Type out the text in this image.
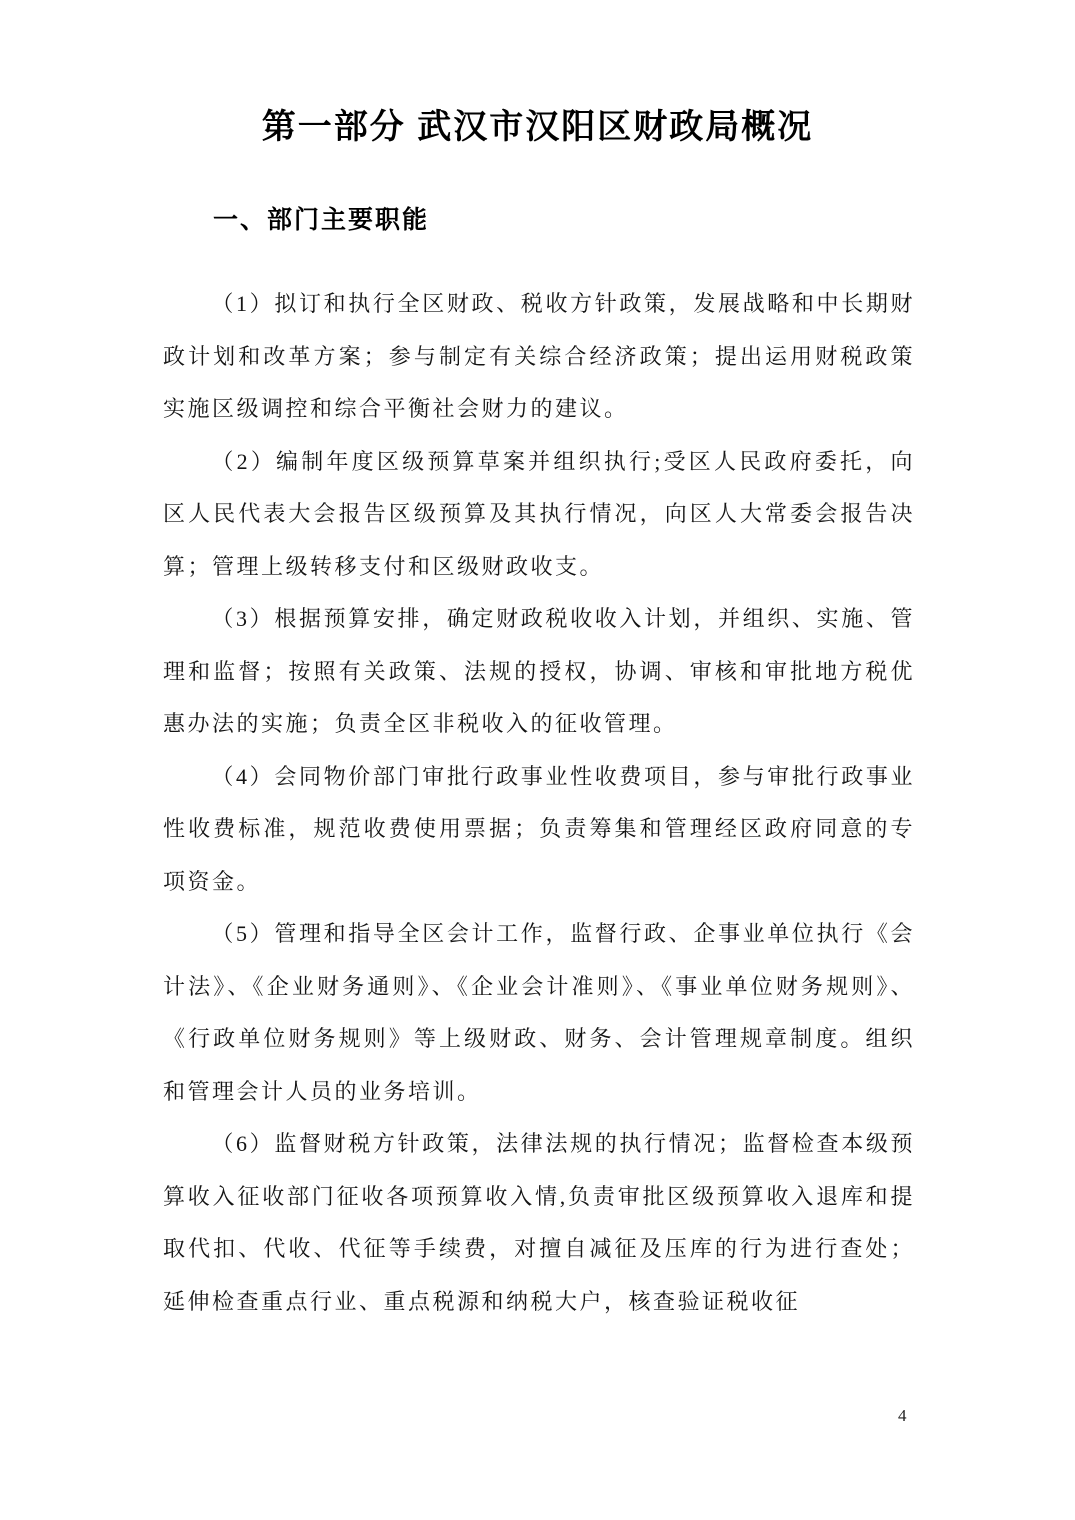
第一部分 武汉市汉阳区财政局概况
一、部门主要职能

（1）拟订和执行全区财政、税收方针政策，发展战略和中长期财政计划和改革方案；参与制定有关综合经济政策；提出运用财税政策实施区级调控和综合平衡社会财力的建议。

（2）编制年度区级预算草案并组织执行;受区人民政府委托，向区人民代表大会报告区级预算及其执行情况，向区人大常委会报告决算；管理上级转移支付和区级财政收支。

（3）根据预算安排，确定财政税收收入计划，并组织、实施、管理和监督；按照有关政策、法规的授权，协调、审核和审批地方税优惠办法的实施；负责全区非税收入的征收管理。

（4）会同物价部门审批行政事业性收费项目，参与审批行政事业性收费标准，规范收费使用票据；负责筹集和管理经区政府同意的专项资金。

（5）管理和指导全区会计工作，监督行政、企事业单位执行《会计法》、《企业财务通则》、《企业会计准则》、《事业单位财务规则》、《行政单位财务规则》等上级财政、财务、会计管理规章制度。组织和管理会计人员的业务培训。

（6）监督财税方针政策，法律法规的执行情况；监督检查本级预算收入征收部门征收各项预算收入情,负责审批区级预算收入退库和提取代扣、代收、代征等手续费，对擅自减征及压库的行为进行查处；延伸检查重点行业、重点税源和纳税大户，核查验证税收征

4
